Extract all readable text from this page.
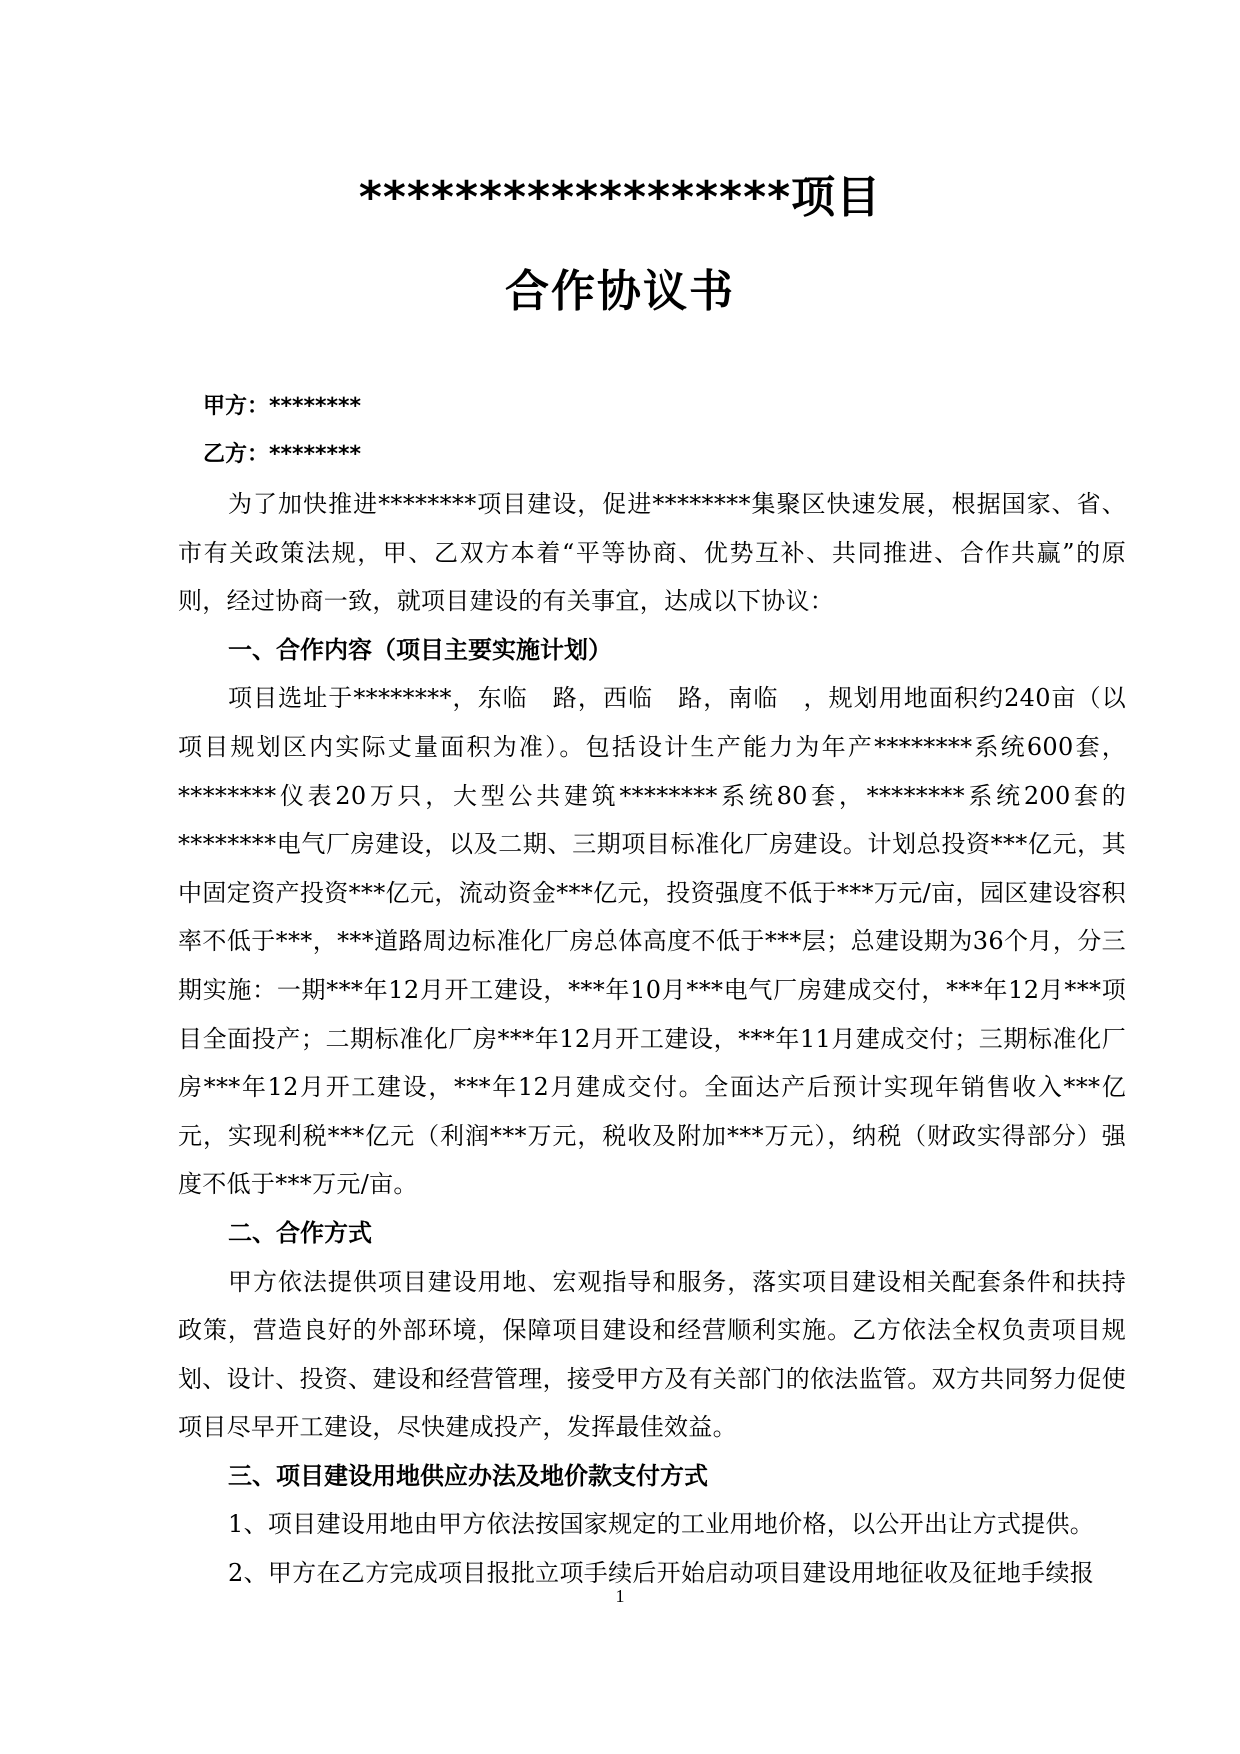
******************项目
合作协议书
甲方：********
乙方：********

为了加快推进********项目建设，促进********集聚区快速发展，根据国家、省、市有关政策法规，甲、乙双方本着“平等协商、优势互补、共同推进、合作共赢”的原则，经过协商一致，就项目建设的有关事宜，达成以下协议：

一、合作内容（项目主要实施计划）

项目选址于********，东临　路，西临　路，南临　，规划用地面积约240亩（以项目规划区内实际丈量面积为准）。包括设计生产能力为年产********系统600套，********仪表20万只，大型公共建筑********系统80套，********系统200套的********电气厂房建设，以及二期、三期项目标准化厂房建设。计划总投资***亿元，其中固定资产投资***亿元，流动资金***亿元，投资强度不低于***万元/亩，园区建设容积率不低于***，***道路周边标准化厂房总体高度不低于***层；总建设期为36个月，分三期实施：一期***年12月开工建设，***年10月***电气厂房建成交付，***年12月***项目全面投产；二期标准化厂房***年12月开工建设，***年11月建成交付；三期标准化厂房***年12月开工建设，***年12月建成交付。全面达产后预计实现年销售收入***亿元，实现利税***亿元（利润***万元，税收及附加***万元），纳税（财政实得部分）强度不低于***万元/亩。

二、合作方式

甲方依法提供项目建设用地、宏观指导和服务，落实项目建设相关配套条件和扶持政策，营造良好的外部环境，保障项目建设和经营顺利实施。乙方依法全权负责项目规划、设计、投资、建设和经营管理，接受甲方及有关部门的依法监管。双方共同努力促使项目尽早开工建设，尽快建成投产，发挥最佳效益。

三、项目建设用地供应办法及地价款支付方式

1、项目建设用地由甲方依法按国家规定的工业用地价格，以公开出让方式提供。

2、甲方在乙方完成项目报批立项手续后开始启动项目建设用地征收及征地手续报

1
